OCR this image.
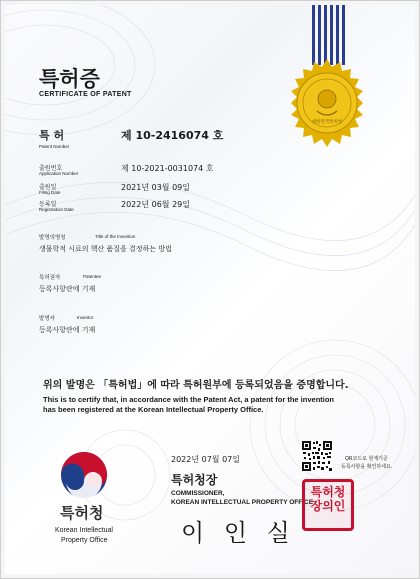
대한민국특허청
특허증
CERTIFICATE OF PATENT
특 허
Patent Number
제 10-2416074 호
출원번호
Application Number
제 10-2021-0031074 호
출원일
Filing Date
2021년 03월 09일
등록일
Registration Date
2022년 06월 29일
발명의명칭	Title of the Invention
생물학적 시료의 핵산 품질을 결정하는 방법
특허권자	Patentee
등록사항란에 기재
발명자	Inventor
등록사항란에 기재
위의 발명은 「특허법」에 따라 특허원부에 등록되었음을 증명합니다.
This is to certify that, in accordance with the Patent Act, a patent for the invention
has been registered at the Korean Intellectual Property Office.
2022년 07월 07일	QR코드로 현재기준
등록사항을 확인하세요.
특허청
Korean Intellectual
Property Office
특허청장
COMMISSIONER,
KOREAN INTELLECTUAL PROPERTY OFFICE
이 인 실
특허청장의인
